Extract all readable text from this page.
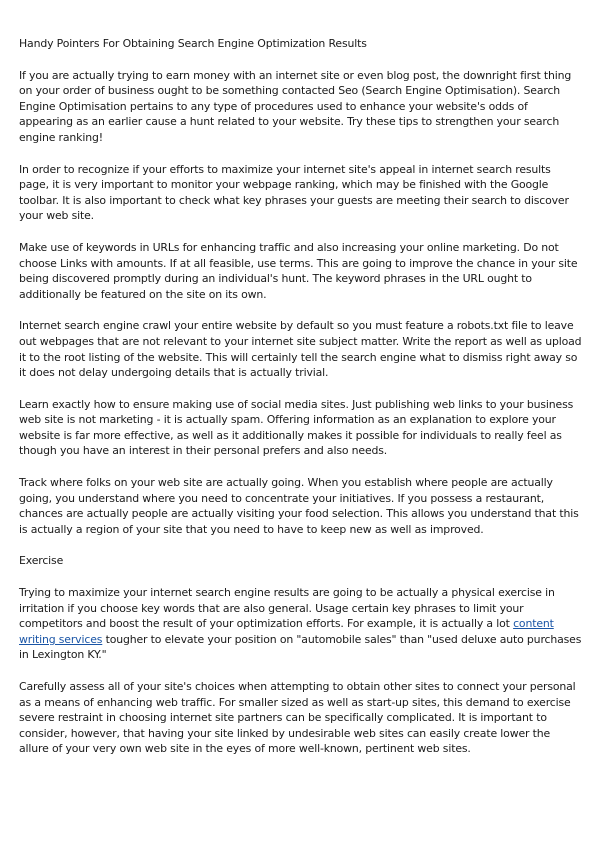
Handy Pointers For Obtaining Search Engine Optimization Results

If you are actually trying to earn money with an internet site or even blog post, the downright first thing on your order of business ought to be something contacted Seo (Search Engine Optimisation). Search Engine Optimisation pertains to any type of procedures used to enhance your website's odds of appearing as an earlier cause a hunt related to your website. Try these tips to strengthen your search engine ranking!

In order to recognize if your efforts to maximize your internet site's appeal in internet search results page, it is very important to monitor your webpage ranking, which may be finished with the Google toolbar. It is also important to check what key phrases your guests are meeting their search to discover your web site.

Make use of keywords in URLs for enhancing traffic and also increasing your online marketing. Do not choose Links with amounts. If at all feasible, use terms. This are going to improve the chance in your site being discovered promptly during an individual's hunt. The keyword phrases in the URL ought to additionally be featured on the site on its own.

Internet search engine crawl your entire website by default so you must feature a robots.txt file to leave out webpages that are not relevant to your internet site subject matter. Write the report as well as upload it to the root listing of the website. This will certainly tell the search engine what to dismiss right away so it does not delay undergoing details that is actually trivial.

Learn exactly how to ensure making use of social media sites. Just publishing web links to your business web site is not marketing - it is actually spam. Offering information as an explanation to explore your website is far more effective, as well as it additionally makes it possible for individuals to really feel as though you have an interest in their personal prefers and also needs.

Track where folks on your web site are actually going. When you establish where people are actually going, you understand where you need to concentrate your initiatives. If you possess a restaurant, chances are actually people are actually visiting your food selection. This allows you understand that this is actually a region of your site that you need to have to keep new as well as improved.

Exercise

Trying to maximize your internet search engine results are going to be actually a physical exercise in irritation if you choose key words that are also general. Usage certain key phrases to limit your competitors and boost the result of your optimization efforts. For example, it is actually a lot content writing services tougher to elevate your position on "automobile sales" than "used deluxe auto purchases in Lexington KY."

Carefully assess all of your site's choices when attempting to obtain other sites to connect your personal as a means of enhancing web traffic. For smaller sized as well as start-up sites, this demand to exercise severe restraint in choosing internet site partners can be specifically complicated. It is important to consider, however, that having your site linked by undesirable web sites can easily create lower the allure of your very own web site in the eyes of more well-known, pertinent web sites.
